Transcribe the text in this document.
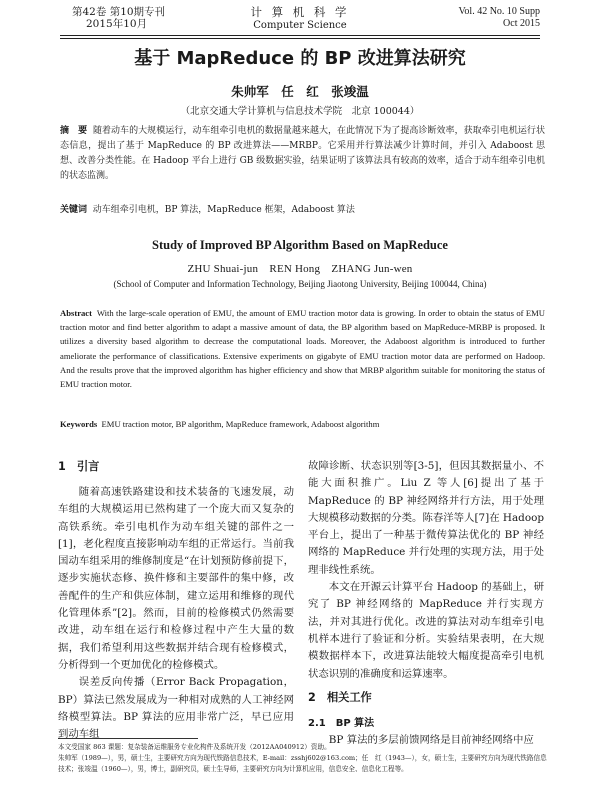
第42卷 第10期专刊
2015年10月
计 算 机 科 学
Computer Science
Vol. 42 No. 10 Supp
Oct 2015
基于 MapReduce 的 BP 改进算法研究
朱帅军　任　红　张竣温
（北京交通大学计算机与信息技术学院　北京 100044）
摘　要 随着动车的大规模运行，动车组牵引电机的数据量越来越大，在此情况下为了提高诊断效率，获取牵引电机运行状态信息，提出了基于 MapReduce 的 BP 改进算法——MRBP。它采用并行算法减少计算时间，并引入 Adaboost 思想、改善分类性能。在 Hadoop 平台上进行 GB 级数据实验，结果证明了该算法具有较高的效率，适合于动车组牵引电机的状态监测。
关键词 动车组牵引电机，BP 算法，MapReduce 框架，Adaboost 算法
Study of Improved BP Algorithm Based on MapReduce
ZHU Shuai-jun　REN Hong　ZHANG Jun-wen
(School of Computer and Information Technology, Beijing Jiaotong University, Beijing 100044, China)
Abstract With the large-scale operation of EMU, the amount of EMU traction motor data is growing. In order to obtain the status of EMU traction motor and find better algorithm to adapt a massive amount of data, the BP algorithm based on MapReduce-MRBP is proposed. It utilizes a diversity based algorithm to decrease the computational loads. Moreover, the Adaboost algorithm is introduced to further ameliorate the performance of classifications. Extensive experiments on gigabyte of EMU traction motor data are performed on Hadoop. And the results prove that the improved algorithm has higher efficiency and show that MRBP algorithm suitable for monitoring the status of EMU traction motor.
Keywords EMU traction motor, BP algorithm, MapReduce framework, Adaboost algorithm
1　引言

随着高速铁路建设和技术装备的飞速发展，动车组的大规模运用已然构建了一个庞大而又复杂的高铁系统。牵引电机作为动车组关键的部件之一[1]，老化程度直接影响动车组的正常运行。当前我国动车组采用的维修制度是“在计划预防修前提下，逐步实施状态修、换件修和主要部件的集中修，改善配件的生产和供应体制，建立运用和维修的现代化管理体系”[2]。然而，目前的检修模式仍然需要改进，动车组在运行和检修过程中产生大量的数据，我们希望利用这些数据并结合现有检修模式，分析得到一个更加优化的检修模式。

误差反向传播（Error Back Propagation，BP）算法已然发展成为一种相对成熟的人工神经网络模型算法。BP 算法的应用非常广泛，早已应用到动车组

故障诊断、状态识别等[3-5]，但因其数据量小、不能大面积推广。Liu Z 等人[6]提出了基于 MapReduce 的 BP 神经网络并行方法，用于处理大规模移动数据的分类。陈春洋等人[7]在 Hadoop 平台上，提出了一种基于微传算法优化的 BP 神经网络的 MapReduce 并行处理的实现方法，用于处理非线性系统。

本文在开源云计算平台 Hadoop 的基础上，研究了 BP 神经网络的 MapReduce 并行实现方法，并对其进行优化。改进的算法对动车组牵引电机样本进行了验证和分析。实验结果表明，在大规模数据样本下，改进算法能较大幅度提高牵引电机状态识别的准确度和运算速率。

2　相关工作
2.1　BP 算法

BP 算法的多层前馈网络是目前神经网络中应

本文受国家 863 课题：复杂装备运维服务专业化构件及系统开发（2012AA040912）资助。
朱帅军（1989—），男，硕士生，主要研究方向为现代铁路信息技术，E-mail：zsshj602@163.com；任　红（1943—），女，硕士生，主要研究方向为现代铁路信息技术；张竣温（1960—），男，博士，副研究员，硕士生导师，主要研究方向为计算机应用，信息安全、信息化工程等。
